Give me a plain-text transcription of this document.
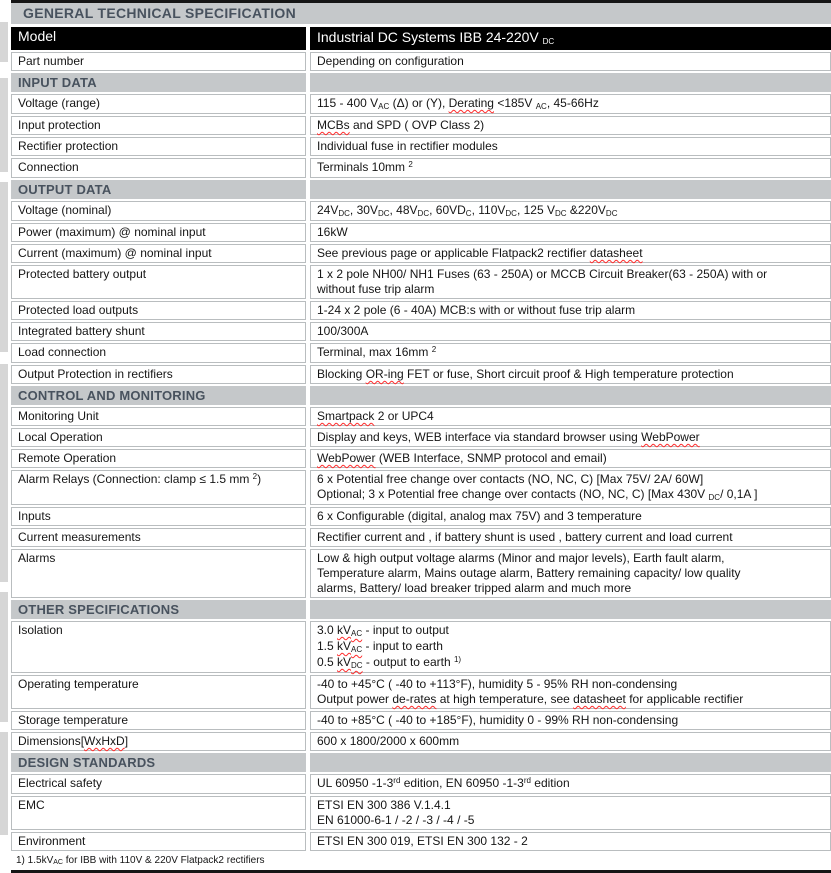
GENERAL TECHNICAL SPECIFICATION
Model	Industrial DC Systems IBB 24-220V DC
Part number	Depending on configuration
INPUT DATA
Voltage (range)	115 - 400 VAC (Δ) or (Y), Derating <185V AC, 45-66Hz
Input protection	MCBs and SPD ( OVP Class 2)
Rectifier protection	Individual fuse in rectifier modules
Connection	Terminals 10mm $^2$
OUTPUT DATA
Voltage (nominal)	24VDC, 30VDC, 48VDC, 60VDC, 110VDC, 125 VDC &220VDC
Power (maximum) @ nominal input	16kW
Current (maximum) @ nominal input	See previous page or applicable Flatpack2 rectifier datasheet
Protected battery output	1 x 2 pole NH00/ NH1 Fuses (63 - 250A) or MCCB Circuit Breaker(63 - 250A) with or
without fuse trip alarm
Protected load outputs	1-24 x 2 pole (6 - 40A) MCB:s with or without fuse trip alarm
Integrated battery shunt	100/300A
Load connection	Terminal, max 16mm $^2$
Output Protection in rectifiers	Blocking OR-ing FET or fuse, Short circuit proof & High temperature protection
CONTROL AND MONITORING
Monitoring Unit	Smartpack 2 or UPC4
Local Operation	Display and keys, WEB interface via standard browser using WebPower
Remote Operation	WebPower (WEB Interface, SNMP protocol and email)
Alarm Relays (Connection: clamp ≤ 1.5 mm $^2$)	6 x Potential free change over contacts (NO, NC, C) [Max 75V/ 2A/ 60W]
Optional; 3 x Potential free change over contacts (NO, NC, C) [Max 430V DC/ 0,1A ]
Inputs	6 x Configurable (digital, analog max 75V) and 3 temperature
Current measurements	Rectifier current and , if battery shunt is used , battery current and load current
Alarms	Low & high output voltage alarms (Minor and major levels), Earth fault alarm,
Temperature alarm, Mains outage alarm, Battery remaining capacity/ low quality
alarms, Battery/ load breaker tripped alarm and much more
OTHER SPECIFICATIONS
Isolation	3.0 kVAC - input to output
1.5 kVAC - input to earth
0.5 kVDC - output to earth $^{1)}$
Operating temperature	-40 to +45°C ( -40 to +113°F), humidity 5 - 95% RH non-condensing
Output power de-rates at high temperature, see datasheet for applicable rectifier
Storage temperature	-40 to +85°C ( -40 to +185°F), humidity 0 - 99% RH non-condensing
Dimensions[WxHxD]	600 x 1800/2000 x 600mm
DESIGN STANDARDS
Electrical safety	UL 60950 -1-3rd edition, EN 60950 -1-3rd edition
EMC	ETSI EN 300 386 V.1.4.1
EN 61000-6-1 / -2 / -3 / -4 / -5
Environment	ETSI EN 300 019, ETSI EN 300 132 - 2
1) 1.5kVAC for IBB with 110V & 220V Flatpack2 rectifiers
